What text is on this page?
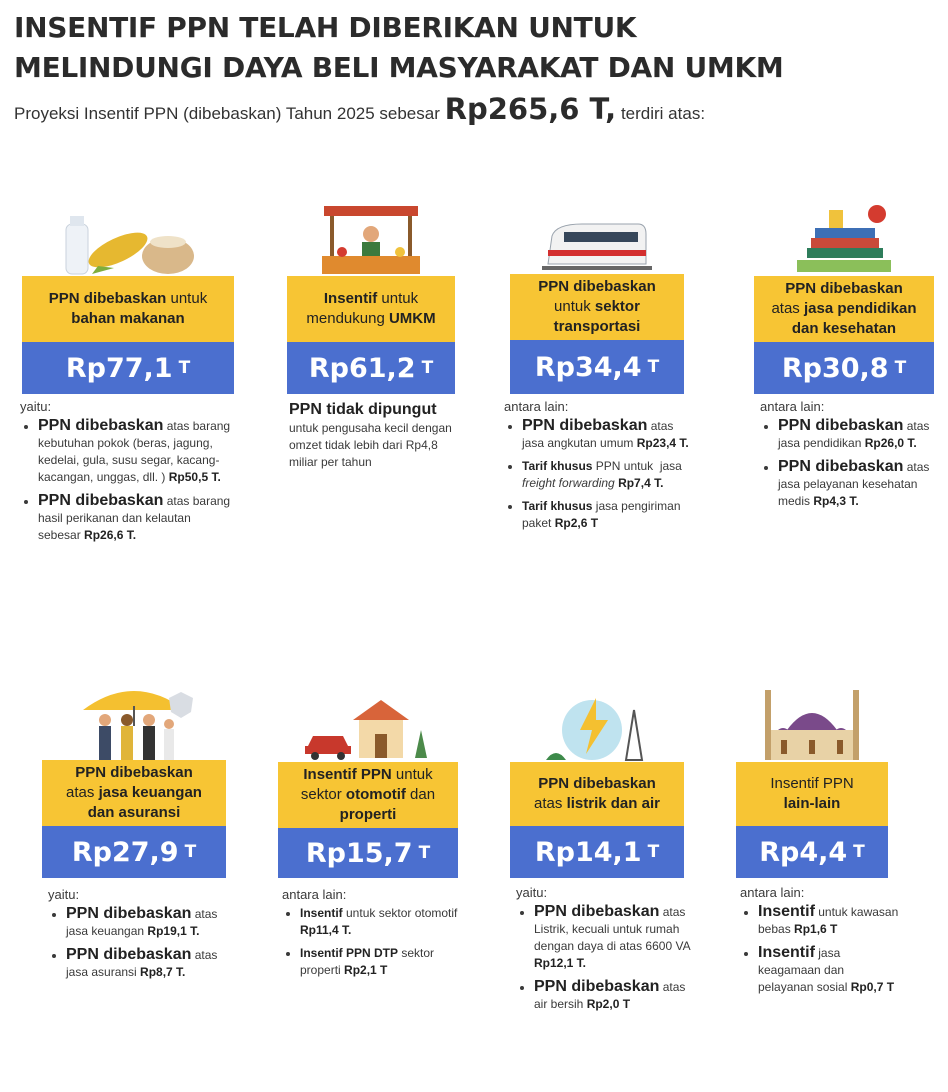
INSENTIF PPN TELAH DIBERIKAN UNTUK
MELINDUNGI DAYA BELI MASYARAKAT DAN UMKM
Proyeksi Insentif PPN (dibebaskan) Tahun 2025 sebesar Rp265,6 T, terdiri atas:
PPN dibebaskan untuk
bahan makanan
Rp77,1 T
yaitu:
• PPN dibebaskan atas barang kebutuhan pokok (beras, jagung, kedelai, gula, susu segar, kacang-kacangan, unggas, dll. ) Rp50,5 T.
• PPN dibebaskan atas barang hasil perikanan dan kelautan sebesar Rp26,6 T.
Insentif untuk
mendukung UMKM
Rp61,2 T
PPN tidak dipungut
untuk pengusaha kecil dengan omzet tidak lebih dari Rp4,8 miliar per tahun
PPN dibebaskan
untuk sektor
transportasi
Rp34,4 T
antara lain:
• PPN dibebaskan atas jasa angkutan umum Rp23,4 T.
• Tarif khusus PPN untuk  jasa freight forwarding Rp7,4 T.
• Tarif khusus jasa pengiriman paket Rp2,6 T
PPN dibebaskan
atas jasa pendidikan
dan kesehatan
Rp30,8 T
antara lain:
• PPN dibebaskan atas jasa pendidikan Rp26,0 T.
• PPN dibebaskan atas jasa pelayanan kesehatan medis Rp4,3 T.
PPN dibebaskan
atas jasa keuangan
dan asuransi
Rp27,9 T
yaitu:
• PPN dibebaskan atas jasa keuangan Rp19,1 T.
• PPN dibebaskan atas jasa asuransi Rp8,7 T.
Insentif PPN untuk
sektor otomotif dan
properti
Rp15,7 T
antara lain:
• Insentif untuk sektor otomotif Rp11,4 T.
• Insentif PPN DTP sektor properti Rp2,1 T
PPN dibebaskan
atas listrik dan air
Rp14,1 T
yaitu:
• PPN dibebaskan atas Listrik, kecuali untuk rumah dengan daya di atas 6600 VA Rp12,1 T.
• PPN dibebaskan atas air bersih Rp2,0 T
Insentif PPN
lain-lain
Rp4,4 T
antara lain:
• Insentif untuk kawasan bebas Rp1,6 T
• Insentif jasa keagamaan dan pelayanan sosial Rp0,7 T
